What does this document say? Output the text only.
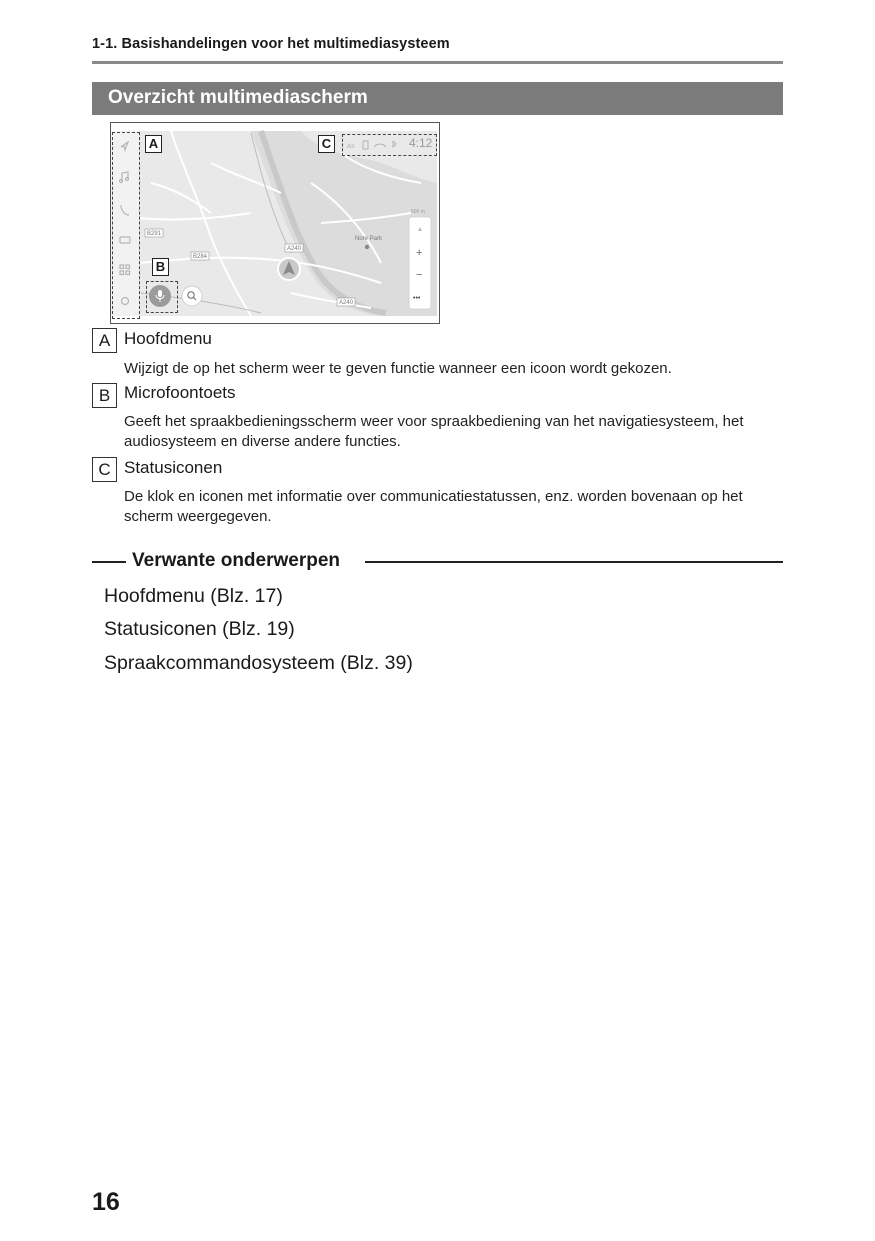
1-1. Basishandelingen voor het multimediasysteem
Overzicht multimediascherm
B291
B284
A240
A240
Nore Park
500 m
+
−
•••
A≡	4:12
A
B
C
A Hoofdmenu
Wijzigt de op het scherm weer te geven functie wanneer een icoon wordt gekozen.
B Microfoontoets
Geeft het spraakbedieningsscherm weer voor spraakbediening van het navigatiesysteem, het audiosysteem en diverse andere functies.
C Statusiconen
De klok en iconen met informatie over communicatiestatussen, enz. worden bovenaan op het scherm weergegeven.
Verwante onderwerpen
Hoofdmenu (Blz. 17)
Statusiconen (Blz. 19)
Spraakcommandosysteem (Blz. 39)
16
